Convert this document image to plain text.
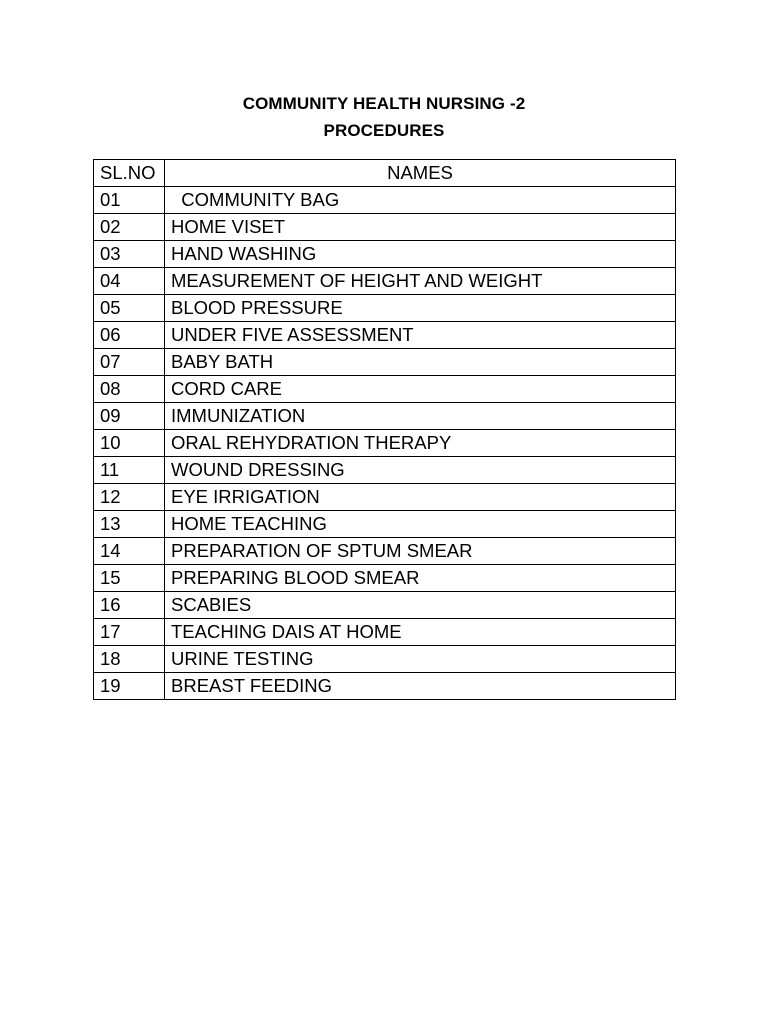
COMMUNITY HEALTH NURSING -2
PROCEDURES
SL.NO	NAMES
01	COMMUNITY BAG
02	HOME VISET
03	HAND WASHING
04	MEASUREMENT OF HEIGHT AND WEIGHT
05	BLOOD PRESSURE
06	UNDER FIVE ASSESSMENT
07	BABY BATH
08	CORD CARE
09	IMMUNIZATION
10	ORAL REHYDRATION THERAPY
11	WOUND DRESSING
12	EYE IRRIGATION
13	HOME TEACHING
14	PREPARATION OF SPTUM SMEAR
15	PREPARING BLOOD SMEAR
16	SCABIES
17	TEACHING DAIS AT HOME
18	URINE TESTING
19	BREAST FEEDING
